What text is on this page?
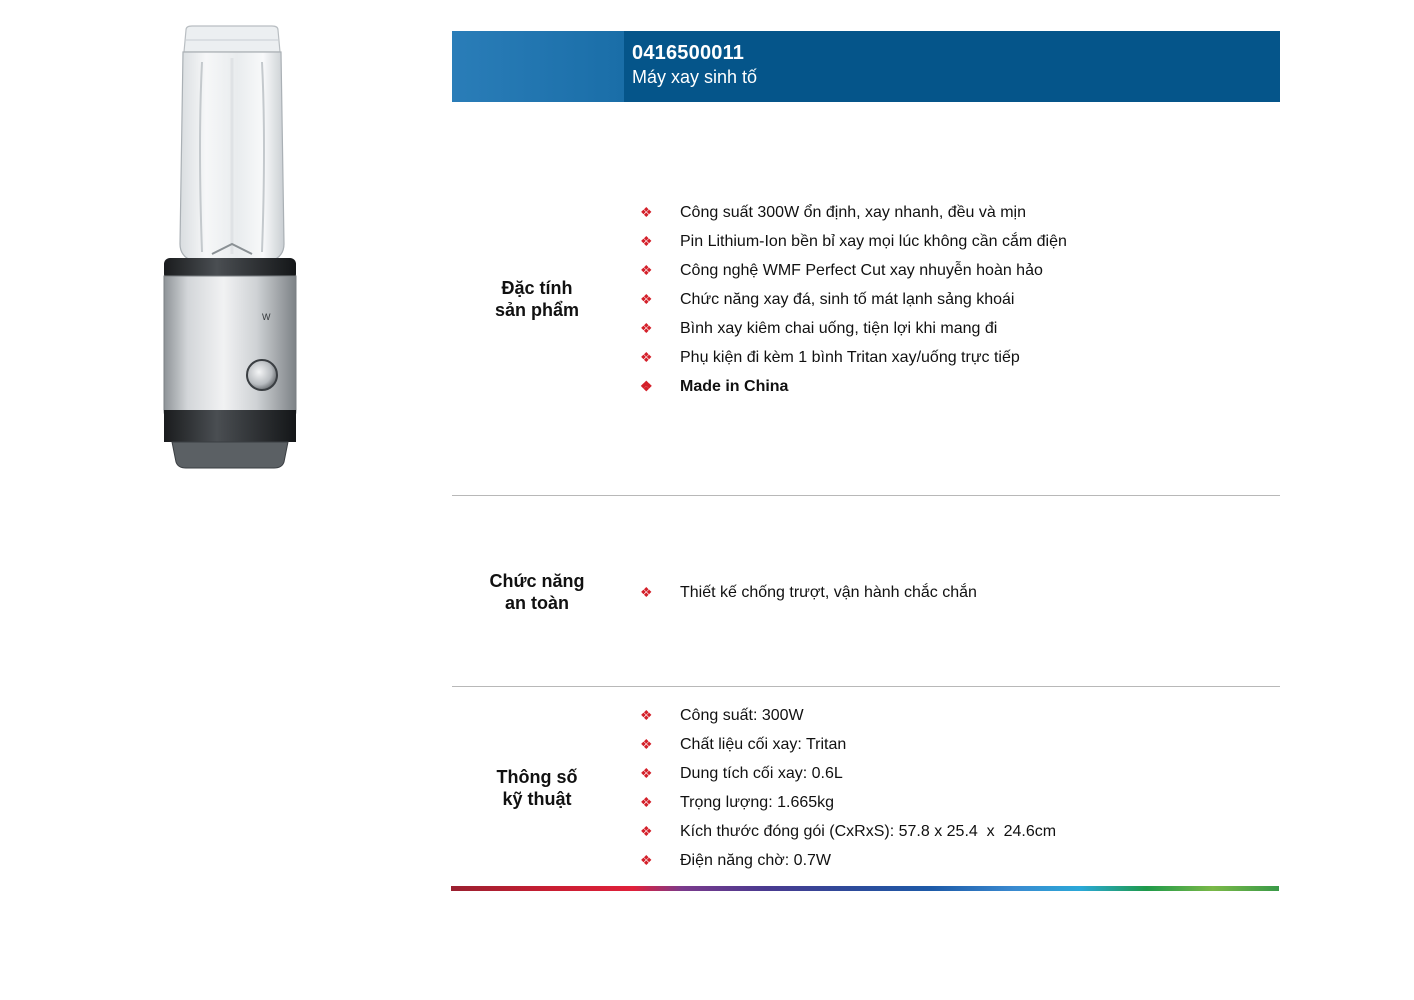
W
0416500011
Máy xay sinh tố
Đặc tính
sản phẩm
❖	Công suất 300W ổn định, xay nhanh, đều và mịn
❖	Pin Lithium-Ion bền bỉ xay mọi lúc không cần cắm điện
❖	Công nghệ WMF Perfect Cut xay nhuyễn hoàn hảo
❖	Chức năng xay đá, sinh tố mát lạnh sảng khoái
❖	Bình xay kiêm chai uống, tiện lợi khi mang đi
❖	Phụ kiện đi kèm 1 bình Tritan xay/uống trực tiếp
❖	Made in China
Chức năng
an toàn
❖	Thiết kế chống trượt, vận hành chắc chắn
Thông số
kỹ thuật
❖	Công suất: 300W
❖	Chất liệu cối xay: Tritan
❖	Dung tích cối xay: 0.6L
❖	Trọng lượng: 1.665kg
❖	Kích thước đóng gói (CxRxS): 57.8 x 25.4  x  24.6cm
❖	Điện năng chờ: 0.7W
